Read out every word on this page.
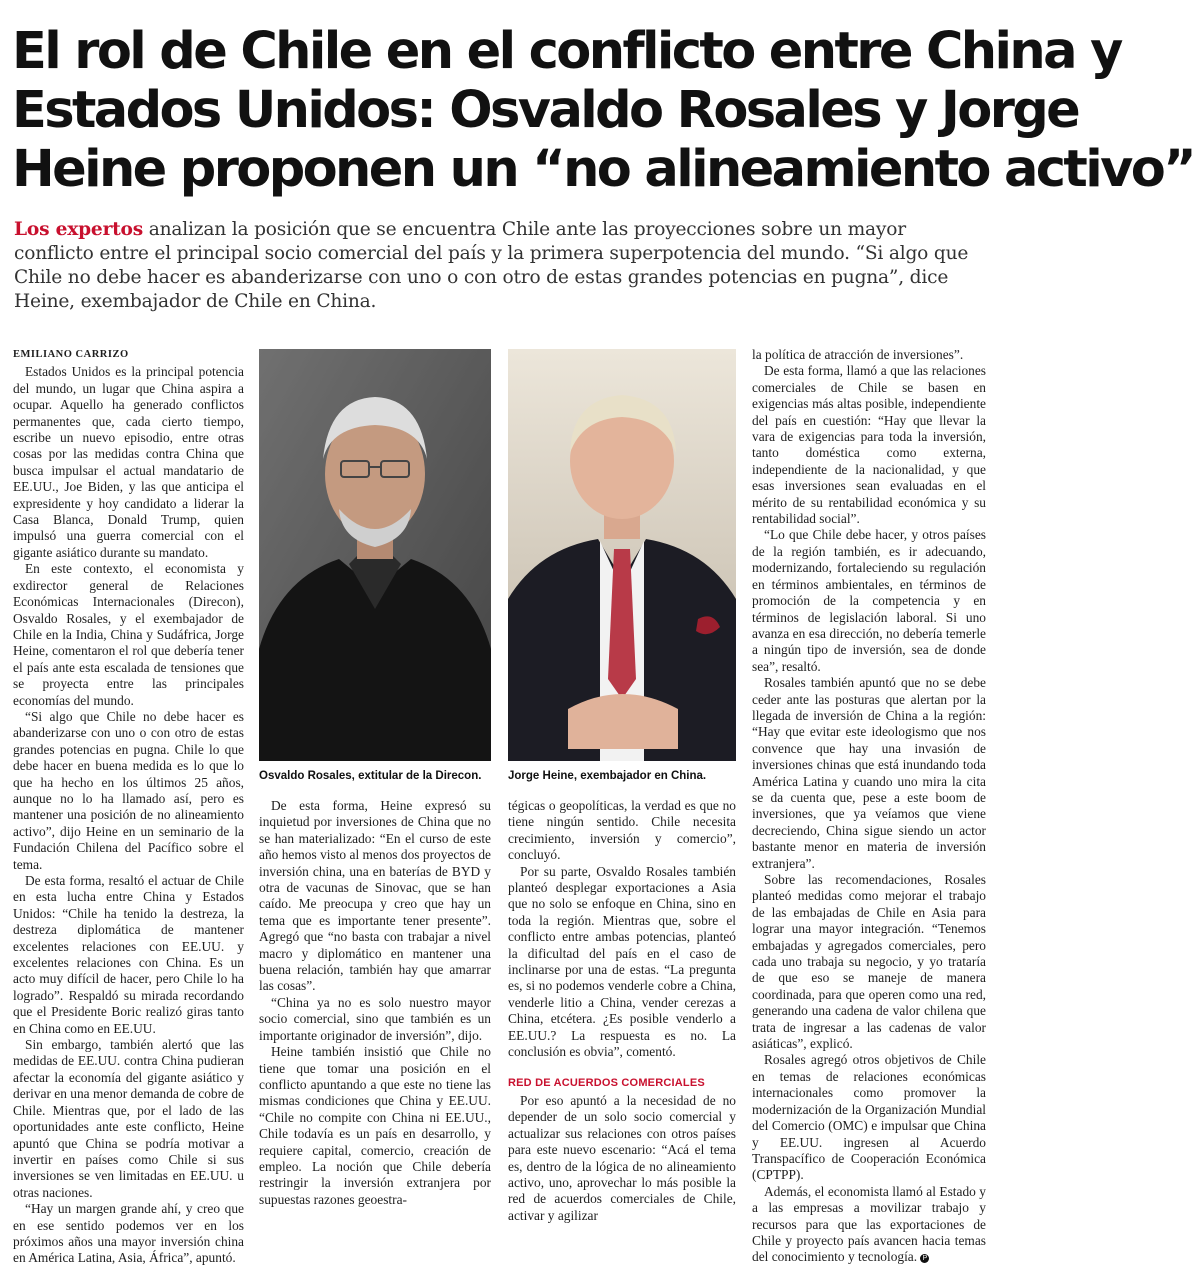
El rol de Chile en el conflicto entre China y
Estados Unidos: Osvaldo Rosales y Jorge
Heine proponen un “no alineamiento activo”

Los expertos analizan la posición que se encuentra Chile ante las proyecciones sobre un mayor conflicto entre el principal socio comercial del país y la primera superpotencia del mundo. “Si algo que Chile no debe hacer es abanderizarse con uno o con otro de estas grandes potencias en pugna”, dice Heine, exembajador de Chile en China.

EMILIANO CARRIZO

Estados Unidos es la principal potencia del mundo, un lugar que China aspira a ocupar. Aquello ha generado conflictos permanentes que, cada cierto tiempo, escribe un nuevo episodio, entre otras cosas por las medidas contra China que busca impulsar el actual mandatario de EE.UU., Joe Biden, y las que anticipa el expresidente y hoy candidato a liderar la Casa Blanca, Donald Trump, quien impulsó una guerra comercial con el gigante asiático durante su mandato.

En este contexto, el economista y exdirector general de Relaciones Económicas Internacionales (Direcon), Osvaldo Rosales, y el exembajador de Chile en la India, China y Sudáfrica, Jorge Heine, comentaron el rol que debería tener el país ante esta escalada de tensiones que se proyecta entre las principales economías del mundo.

“Si algo que Chile no debe hacer es abanderizarse con uno o con otro de estas grandes potencias en pugna. Chile lo que debe hacer en buena medida es lo que lo que ha hecho en los últimos 25 años, aunque no lo ha llamado así, pero es mantener una posición de no alineamiento activo”, dijo Heine en un seminario de la Fundación Chilena del Pacífico sobre el tema.

De esta forma, resaltó el actuar de Chile en esta lucha entre China y Estados Unidos: “Chile ha tenido la destreza, la destreza diplomática de mantener excelentes relaciones con EE.UU. y excelentes relaciones con China. Es un acto muy difícil de hacer, pero Chile lo ha logrado”. Respaldó su mirada recordando que el Presidente Boric realizó giras tanto en China como en EE.UU.

Sin embargo, también alertó que las medidas de EE.UU. contra China pudieran afectar la economía del gigante asiático y derivar en una menor demanda de cobre de Chile. Mientras que, por el lado de las oportunidades ante este conflicto, Heine apuntó que China se podría motivar a invertir en países como Chile si sus inversiones se ven limitadas en EE.UU. u otras naciones.

“Hay un margen grande ahí, y creo que en ese sentido podemos ver en los próximos años una mayor inversión china en América Latina, Asia, África”, apuntó.

Osvaldo Rosales, extitular de la Direcon. Jorge Heine, exembajador en China.

De esta forma, Heine expresó su inquietud por inversiones de China que no se han materializado: “En el curso de este año hemos visto al menos dos proyectos de inversión china, una en baterías de BYD y otra de vacunas de Sinovac, que se han caído. Me preocupa y creo que hay un tema que es importante tener presente”. Agregó que “no basta con trabajar a nivel macro y diplomático en mantener una buena relación, también hay que amarrar las cosas”.

“China ya no es solo nuestro mayor socio comercial, sino que también es un importante originador de inversión”, dijo.

Heine también insistió que Chile no tiene que tomar una posición en el conflicto apuntando a que este no tiene las mismas condiciones que China y EE.UU. “Chile no compite con China ni EE.UU., Chile todavía es un país en desarrollo, y requiere capital, comercio, creación de empleo. La noción que Chile debería restringir la inversión extranjera por supuestas razones geoestra-

tégicas o geopolíticas, la verdad es que no tiene ningún sentido. Chile necesita crecimiento, inversión y comercio”, concluyó.

Por su parte, Osvaldo Rosales también planteó desplegar exportaciones a Asia que no solo se enfoque en China, sino en toda la región. Mientras que, sobre el conflicto entre ambas potencias, planteó la dificultad del país en el caso de inclinarse por una de estas. “La pregunta es, si no podemos venderle cobre a China, venderle litio a China, vender cerezas a China, etcétera. ¿Es posible venderlo a EE.UU.? La respuesta es no. La conclusión es obvia”, comentó.

RED DE ACUERDOS COMERCIALES

Por eso apuntó a la necesidad de no depender de un solo socio comercial y actualizar sus relaciones con otros países para este nuevo escenario: “Acá el tema es, dentro de la lógica de no alineamiento activo, uno, aprovechar lo más posible la red de acuerdos comerciales de Chile, activar y agilizar

la política de atracción de inversiones”.

De esta forma, llamó a que las relaciones comerciales de Chile se basen en exigencias más altas posible, independiente del país en cuestión: “Hay que llevar la vara de exigencias para toda la inversión, tanto doméstica como externa, independiente de la nacionalidad, y que esas inversiones sean evaluadas en el mérito de su rentabilidad económica y su rentabilidad social”.

“Lo que Chile debe hacer, y otros países de la región también, es ir adecuando, modernizando, fortaleciendo su regulación en términos ambientales, en términos de promoción de la competencia y en términos de legislación laboral. Si uno avanza en esa dirección, no debería temerle a ningún tipo de inversión, sea de donde sea”, resaltó.

Rosales también apuntó que no se debe ceder ante las posturas que alertan por la llegada de inversión de China a la región: “Hay que evitar este ideologismo que nos convence que hay una invasión de inversiones chinas que está inundando toda América Latina y cuando uno mira la cita se da cuenta que, pese a este boom de inversiones, que ya veíamos que viene decreciendo, China sigue siendo un actor bastante menor en materia de inversión extranjera”.

Sobre las recomendaciones, Rosales planteó medidas como mejorar el trabajo de las embajadas de Chile en Asia para lograr una mayor integración. “Tenemos embajadas y agregados comerciales, pero cada uno trabaja su negocio, y yo trataría de que eso se maneje de manera coordinada, para que operen como una red, generando una cadena de valor chilena que trata de ingresar a las cadenas de valor asiáticas”, explicó.

Rosales agregó otros objetivos de Chile en temas de relaciones económicas internacionales como promover la modernización de la Organización Mundial del Comercio (OMC) e impulsar que China y EE.UU. ingresen al Acuerdo Transpacífico de Cooperación Económica (CPTPP).

Además, el economista llamó al Estado y a las empresas a movilizar trabajo y recursos para que las exportaciones de Chile y proyecto país avancen hacia temas del conocimiento y tecnología. P
